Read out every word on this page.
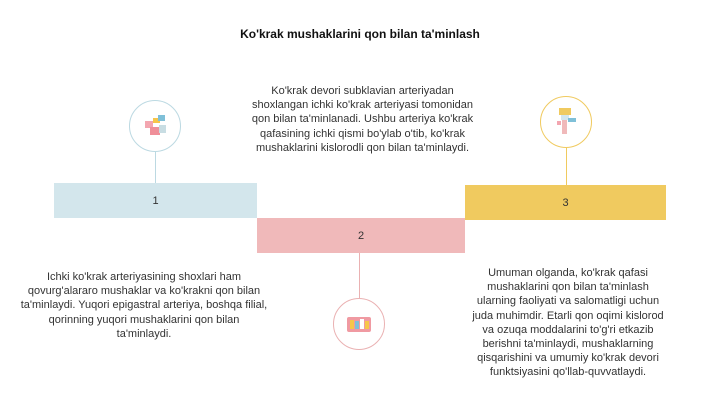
Ko'krak mushaklarini qon bilan ta'minlash
1
2
3
Ichki ko'krak arteriyasining shoxlari ham qovurg'alararo mushaklar va ko'kraknі qon bilan ta'minlaydi. Yuqori epigastral arteriya, boshqa filial, qorinning yuqori mushaklarini qon bilan ta'minlaydi.
Ko'krak devori subklavian arteriyadan shoxlangan ichki ko'krak arteriyasi tomonidan qon bilan ta'minlanadi. Ushbu arteriya ko'krak qafasining ichki qismi bo'ylab o'tib, ko'krak mushaklarini kislorodli qon bilan ta'minlaydi.
Umuman olganda, ko'krak qafasi mushaklarini qon bilan ta'minlash ularning faoliyati va salomatligi uchun juda muhimdir. Etarli qon oqimi kislorod va ozuqa moddalarini to'g'ri etkazib berishni ta'minlaydi, mushaklarning qisqarishini va umumiy ko'krak devori funktsiyasini qo'llab-quvvatlaydi.
